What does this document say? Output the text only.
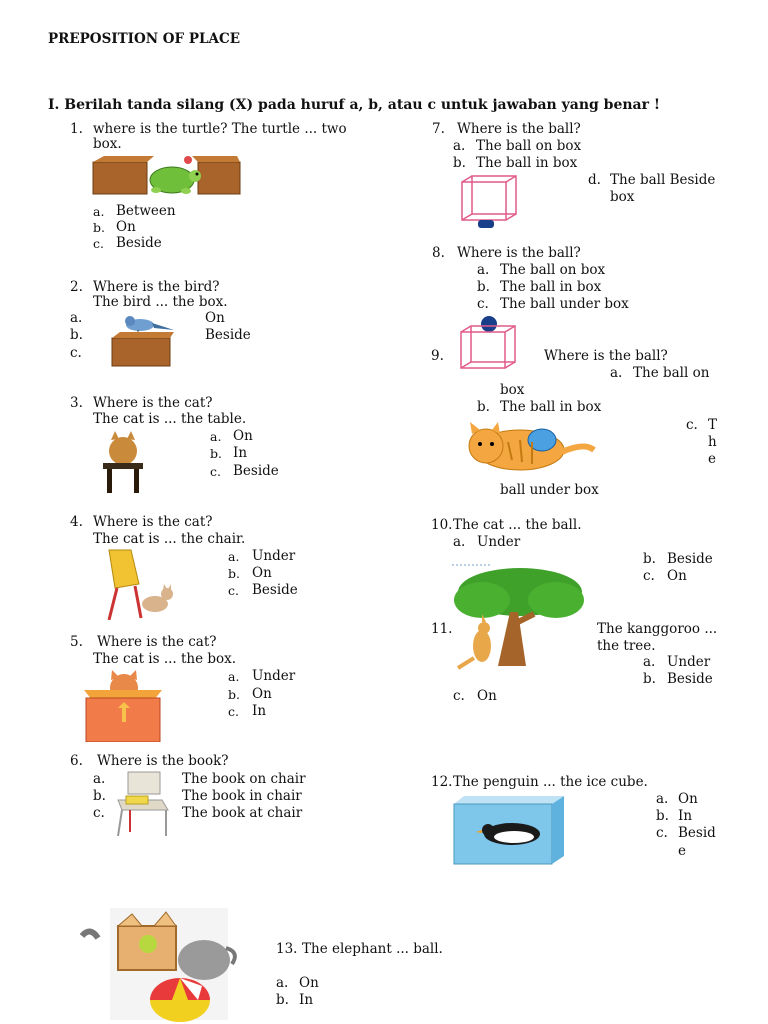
PREPOSITION OF PLACE
I. Berilah tanda silang (X) pada huruf a, b, atau c untuk jawaban yang benar !
1. where is the turtle? The turtle ... two
box.
a. Between
b. On
c. Beside
2. Where is the bird?
The bird ... the box.
a.	On
b.	Beside
c.
3. Where is the cat?
The cat is ... the table.
a. On
b. In
c. Beside
4. Where is the cat?
The cat is ... the chair.
a. Under
b. On
c. Beside
5. Where is the cat?
The cat is ... the box.
a. Under
b. On
c. In
6. Where is the book?
a.	The book on chair
b.	The book in chair
c.	The book at chair
7. Where is the ball?
a. The ball on box
b. The ball in box
d. The ball Beside
box
8. Where is the ball?
a. The ball on box
b. The ball in box
c. The ball under box
9.	Where is the ball?
a. The ball on
box
b. The ball in box
c. T
h
e
ball under box
10. The cat ... the ball.
a. Under
b. Beside
c. On
11.	The kanggoroo ...
the tree.
a. Under
b. Beside
c. On
12. The penguin ... the ice cube.
a. On
b. In
c. Besid
e
13. The elephant ... ball.
a. On
b. In
